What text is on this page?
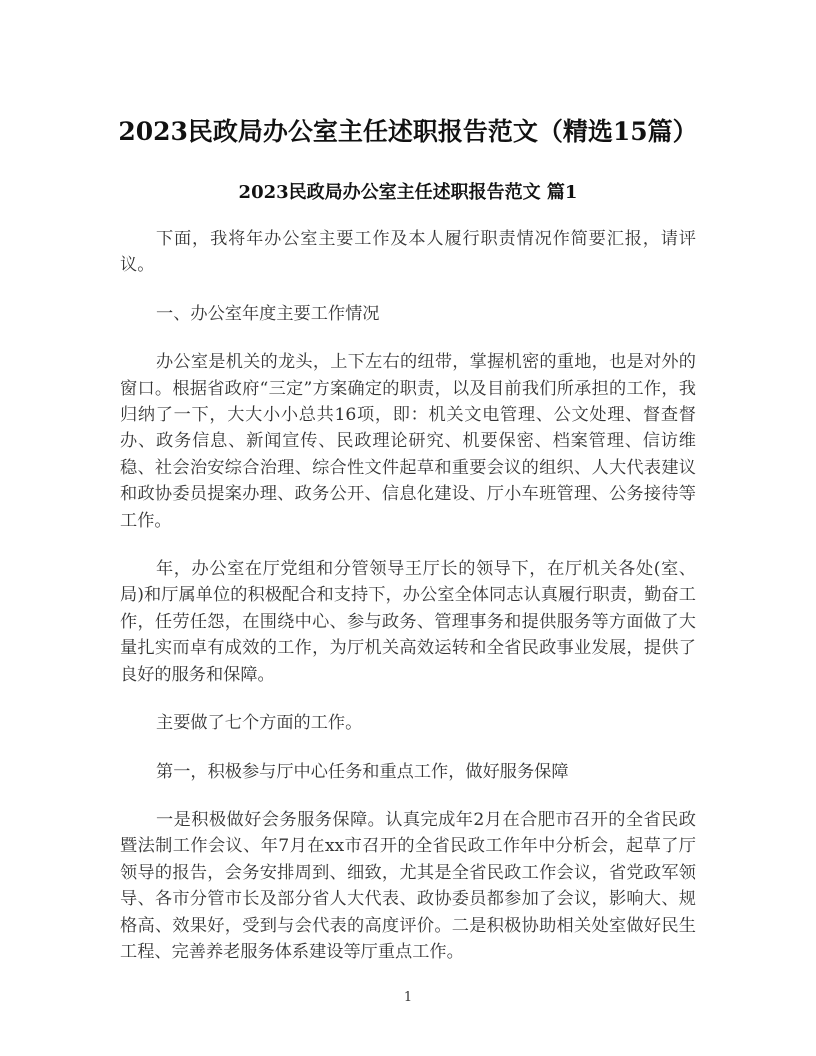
2023民政局办公室主任述职报告范文（精选15篇）
2023民政局办公室主任述职报告范文 篇1

下面，我将年办公室主要工作及本人履行职责情况作简要汇报，请评议。

一、办公室年度主要工作情况

办公室是机关的龙头，上下左右的纽带，掌握机密的重地，也是对外的窗口。根据省政府“三定”方案确定的职责，以及目前我们所承担的工作，我归纳了一下，大大小小总共16项，即：机关文电管理、公文处理、督查督办、政务信息、新闻宣传、民政理论研究、机要保密、档案管理、信访维稳、社会治安综合治理、综合性文件起草和重要会议的组织、人大代表建议和政协委员提案办理、政务公开、信息化建设、厅小车班管理、公务接待等工作。

年，办公室在厅党组和分管领导王厅长的领导下，在厅机关各处(室、局)和厅属单位的积极配合和支持下，办公室全体同志认真履行职责，勤奋工作，任劳任怨，在围绕中心、参与政务、管理事务和提供服务等方面做了大量扎实而卓有成效的工作，为厅机关高效运转和全省民政事业发展，提供了良好的服务和保障。

主要做了七个方面的工作。

第一，积极参与厅中心任务和重点工作，做好服务保障

一是积极做好会务服务保障。认真完成年2月在合肥市召开的全省民政暨法制工作会议、年7月在xx市召开的全省民政工作年中分析会，起草了厅领导的报告，会务安排周到、细致，尤其是全省民政工作会议，省党政军领导、各市分管市长及部分省人大代表、政协委员都参加了会议，影响大、规格高、效果好，受到与会代表的高度评价。二是积极协助相关处室做好民生工程、完善养老服务体系建设等厅重点工作。

1
